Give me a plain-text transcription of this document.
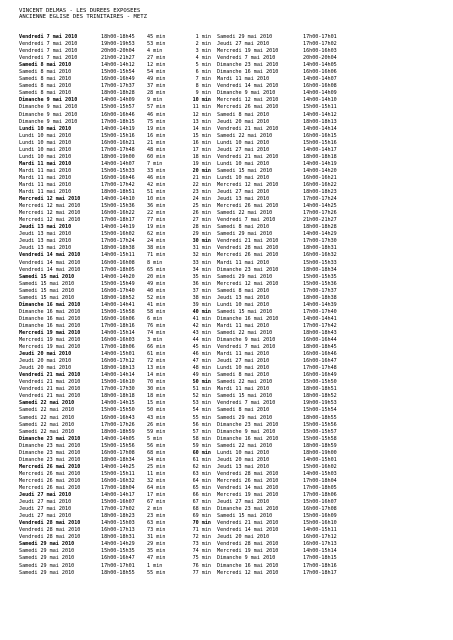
VINCENT DELMAS - LES DUREES EXPOSEES
ANCIENNE EGLISE DES TRINITAIRES - METZ
Vendredi 7 mai 2010	18h00-18h45	45 min	1 min	Samedi 29 mai 2010	17h00-17h01
Vendredi 7 mai 2010	19h00-19h53	53 min	2 min	Jeudi 27 mai 2010	17h00-17h02
Vendredi 7 mai 2010	20h00-20h04	4 min	3 min	Mercredi 19 mai 2010	16h00-16h03
Vendredi 7 mai 2010	21h00-21h27	27 min	4 min	Vendredi 7 mai 2010	20h00-20h04
Samedi 8 mai 2010	14h00-14h12	12 min	5 min	Dimanche 23 mai 2010	14h00-14h05
Samedi 8 mai 2010	15h00-15h54	54 min	6 min	Dimanche 16 mai 2010	16h00-16h06
Samedi 8 mai 2010	16h00-16h49	49 min	7 min	Mardi 11 mai 2010	14h00-14h07
Samedi 8 mai 2010	17h00-17h37	37 min	8 min	Vendredi 14 mai 2010	16h00-16h08
Samedi 8 mai 2010	18h00-18h28	28 min	9 min	Dimanche 9 mai 2010	14h00-14h09
Dimanche 9 mai 2010	14h00-14h09	9 min	10 min	Mercredi 12 mai 2010	14h00-14h10
Dimanche 9 mai 2010	15h00-15h57	57 min	11 min	Mercredi 26 mai 2010	15h00-15h11
Dimanche 9 mai 2010	16h00-16h46	46 min	12 min	Samedi 8 mai 2010	14h00-14h12
Dimanche 9 mai 2010	17h00-18h15	75 min	13 min	Jeudi 20 mai 2010	18h00-18h13
Lundi 10 mai 2010	14h00-14h19	19 min	14 min	Vendredi 21 mai 2010	14h00-14h14
Lundi 10 mai 2010	15h00-15h16	16 min	15 min	Samedi 22 mai 2010	16h00-16h15
Lundi 10 mai 2010	16h00-16h21	21 min	16 min	Lundi 10 mai 2010	15h00-15h16
Lundi 10 mai 2010	17h00-17h48	48 min	17 min	Jeudi 27 mai 2010	14h00-14h17
Lundi 10 mai 2010	18h00-19h00	60 min	18 min	Vendredi 21 mai 2010	18h00-18h18
Mardi 11 mai 2010	14h00-14h07	7 min	19 min	Lundi 10 mai 2010	14h00-14h19
Mardi 11 mai 2010	15h00-15h33	33 min	20 min	Samedi 15 mai 2010	14h00-14h20
Mardi 11 mai 2010	16h00-16h46	46 min	21 min	Lundi 10 mai 2010	16h00-16h21
Mardi 11 mai 2010	17h00-17h42	42 min	22 min	Mercredi 12 mai 2010	16h00-16h22
Mardi 11 mai 2010	18h00-18h51	51 min	23 min	Jeudi 27 mai 2010	18h00-18h23
Mercredi 12 mai 2010	14h00-14h10	10 min	24 min	Jeudi 13 mai 2010	17h00-17h24
Mercredi 12 mai 2010	15h00-15h36	36 min	25 min	Mercredi 26 mai 2010	14h00-14h25
Mercredi 12 mai 2010	16h00-16h22	22 min	26 min	Samedi 22 mai 2010	17h00-17h26
Mercredi 12 mai 2010	17h00-18h17	77 min	27 min	Vendredi 7 mai 2010	21h00-21h27
Jeudi 13 mai 2010	14h00-14h19	19 min	28 min	Samedi 8 mai 2010	18h00-18h28
Jeudi 13 mai 2010	15h00-16h02	62 min	29 min	Samedi 29 mai 2010	14h00-14h29
Jeudi 13 mai 2010	17h00-17h24	24 min	30 min	Vendredi 21 mai 2010	17h00-17h30
Jeudi 13 mai 2010	18h00-18h38	38 min	31 min	Vendredi 28 mai 2010	18h00-18h31
Vendredi 14 mai 2010	14h00-15h11	71 min	32 min	Mercredi 26 mai 2010	16h00-16h32
Vendredi 14 mai 2010	16h00-16h08	8 min	33 min	Mardi 11 mai 2010	15h00-15h33
Vendredi 14 mai 2010	17h00-18h05	65 min	34 min	Dimanche 23 mai 2010	18h00-18h34
Samedi 15 mai 2010	14h00-14h20	20 min	35 min	Samedi 29 mai 2010	15h00-15h35
Samedi 15 mai 2010	15h00-15h49	49 min	36 min	Mercredi 12 mai 2010	15h00-15h36
Samedi 15 mai 2010	16h00-17h40	40 min	37 min	Samedi 8 mai 2010	17h00-17h37
Samedi 15 mai 2010	18h00-18h52	52 min	38 min	Jeudi 13 mai 2010	18h00-18h38
Dimanche 16 mai 2010	14h00-14h41	41 min	39 min	Lundi 10 mai 2010	14h00-14h39
Dimanche 16 mai 2010	15h00-15h58	58 min	40 min	Samedi 15 mai 2010	17h00-17h40
Dimanche 16 mai 2010	16h00-16h06	6 min	41 min	Dimanche 16 mai 2010	14h00-14h41
Dimanche 16 mai 2010	17h00-18h16	76 min	42 min	Mardi 11 mai 2010	17h00-17h42
Mercredi 19 mai 2010	14h00-15h14	74 min	43 min	Samedi 22 mai 2010	18h00-18h43
Mercredi 19 mai 2010	16h00-16h03	3 min	44 min	Dimanche 9 mai 2010	16h00-16h44
Mercredi 19 mai 2010	17h00-18h06	66 min	45 min	Vendredi 7 mai 2010	18h00-18h45
Jeudi 20 mai 2010	14h00-15h01	61 min	46 min	Mardi 11 mai 2010	16h00-16h46
Jeudi 20 mai 2010	16h00-17h12	72 min	47 min	Jeudi 27 mai 2010	16h00-16h47
Jeudi 20 mai 2010	18h00-18h13	13 min	48 min	Lundi 10 mai 2010	17h00-17h48
Vendredi 21 mai 2010	14h00-14h14	14 min	49 min	Samedi 8 mai 2010	16h00-16h49
Vendredi 21 mai 2010	15h00-16h10	70 min	50 min	Samedi 22 mai 2010	15h00-15h50
Vendredi 21 mai 2010	17h00-17h30	30 min	51 min	Mardi 11 mai 2010	18h00-18h51
Vendredi 21 mai 2010	18h00-18h18	18 min	52 min	Samedi 15 mai 2010	18h00-18h52
Samedi 22 mai 2010	14h00-14h15	15 min	53 min	Vendredi 7 mai 2010	19h00-19h53
Samedi 22 mai 2010	15h00-15h50	50 min	54 min	Samedi 8 mai 2010	15h00-15h54
Samedi 22 mai 2010	16h00-16h43	43 min	55 min	Samedi 29 mai 2010	18h00-18h55
Samedi 22 mai 2010	17h00-17h26	26 min	56 min	Dimanche 23 mai 2010	15h00-15h56
Samedi 22 mai 2010	18h00-18h59	59 min	57 min	Dimanche 9 mai 2010	15h00-15h57
Dimanche 23 mai 2010	14h00-14h05	5 min	58 min	Dimanche 16 mai 2010	15h00-15h58
Dimanche 23 mai 2010	15h00-15h56	56 min	59 min	Samedi 22 mai 2010	18h00-18h59
Dimanche 23 mai 2010	16h00-17h08	68 min	60 min	Lundi 10 mai 2010	18h00-19h00
Dimanche 23 mai 2010	18h00-18h34	34 min	61 min	Jeudi 20 mai 2010	14h00-15h01
Mercredi 26 mai 2010	14h00-14h25	25 min	62 min	Jeudi 13 mai 2010	15h00-16h02
Mercredi 26 mai 2010	15h00-15h11	11 min	63 min	Vendredi 28 mai 2010	14h00-15h03
Mercredi 26 mai 2010	16h00-16h32	32 min	64 min	Mercredi 26 mai 2010	17h00-18h04
Mercredi 26 mai 2010	17h00-18h04	64 min	65 min	Vendredi 14 mai 2010	17h00-18h05
Jeudi 27 mai 2010	14h00-14h17	17 min	66 min	Mercredi 19 mai 2010	17h00-18h06
Jeudi 27 mai 2010	15h00-16h07	67 min	67 min	Jeudi 27 mai 2010	15h00-16h07
Jeudi 27 mai 2010	17h00-17h02	2 min	68 min	Dimanche 23 mai 2010	16h00-17h08
Jeudi 27 mai 2010	18h00-18h23	23 min	69 min	Samedi 15 mai 2010	15h00-16h09
Vendredi 28 mai 2010	14h00-15h03	63 min	70 min	Vendredi 21 mai 2010	15h00-16h10
Vendredi 28 mai 2010	16h00-17h13	73 min	71 min	Vendredi 14 mai 2010	14h00-15h11
Vendredi 28 mai 2010	18h00-18h31	31 min	72 min	Jeudi 20 mai 2010	16h00-17h12
Samedi 29 mai 2010	14h00-14h29	29 min	73 min	Vendredi 28 mai 2010	16h00-17h13
Samedi 29 mai 2010	15h00-15h35	35 min	74 min	Mercredi 19 mai 2010	14h00-15h14
Samedi 29 mai 2010	16h00-16h47	47 min	75 min	Dimanche 9 mai 2010	17h00-18h15
Samedi 29 mai 2010	17h00-17h01	1 min	76 min	Dimanche 16 mai 2010	17h00-18h16
Samedi 29 mai 2010	18h00-18h55	55 min	77 min	Mercredi 12 mai 2010	17h00-18h17
